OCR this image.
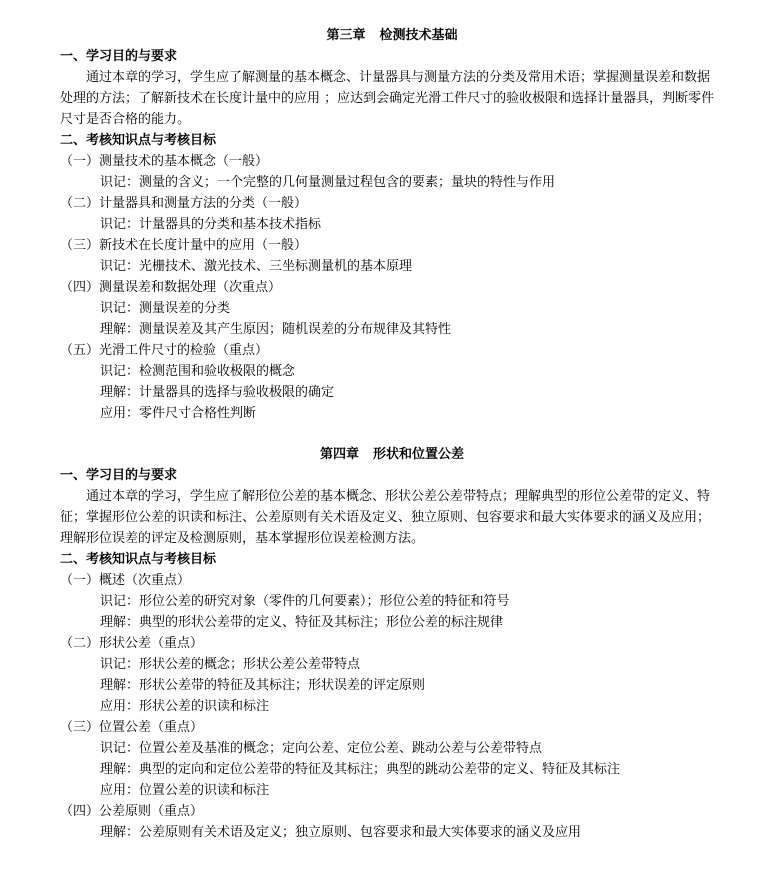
第三章 检测技术基础
一、学习目的与要求
通过本章的学习，学生应了解测量的基本概念、计量器具与测量方法的分类及常用术语；掌握测量误差和数据
处理的方法；了解新技术在长度计量中的应用 ；应达到会确定光滑工件尺寸的验收极限和选择计量器具，判断零件
尺寸是否合格的能力。
二、考核知识点与考核目标
（一）测量技术的基本概念（一般）
识记：测量的含义；一个完整的几何量测量过程包含的要素；量块的特性与作用
（二）计量器具和测量方法的分类（一般）
识记：计量器具的分类和基本技术指标
（三）新技术在长度计量中的应用（一般）
识记：光栅技术、激光技术、三坐标测量机的基本原理
（四）测量误差和数据处理（次重点）
识记：测量误差的分类
理解：测量误差及其产生原因；随机误差的分布规律及其特性
（五）光滑工件尺寸的检验（重点）
识记：检测范围和验收极限的概念
理解：计量器具的选择与验收极限的确定
应用：零件尺寸合格性判断
第四章 形状和位置公差
一、学习目的与要求
通过本章的学习，学生应了解形位公差的基本概念、形状公差公差带特点；理解典型的形位公差带的定义、特
征；掌握形位公差的识读和标注、公差原则有关术语及定义、独立原则、包容要求和最大实体要求的涵义及应用；
理解形位误差的评定及检测原则，基本掌握形位误差检测方法。
二、考核知识点与考核目标
（一）概述（次重点）
识记：形位公差的研究对象（零件的几何要素）；形位公差的特征和符号
理解：典型的形状公差带的定义、特征及其标注；形位公差的标注规律
（二）形状公差（重点）
识记：形状公差的概念；形状公差公差带特点
理解：形状公差带的特征及其标注；形状误差的评定原则
应用：形状公差的识读和标注
（三）位置公差（重点）
识记：位置公差及基准的概念；定向公差、定位公差、跳动公差与公差带特点
理解：典型的定向和定位公差带的特征及其标注；典型的跳动公差带的定义、特征及其标注
应用：位置公差的识读和标注
（四）公差原则（重点）
理解：公差原则有关术语及定义；独立原则、包容要求和最大实体要求的涵义及应用
